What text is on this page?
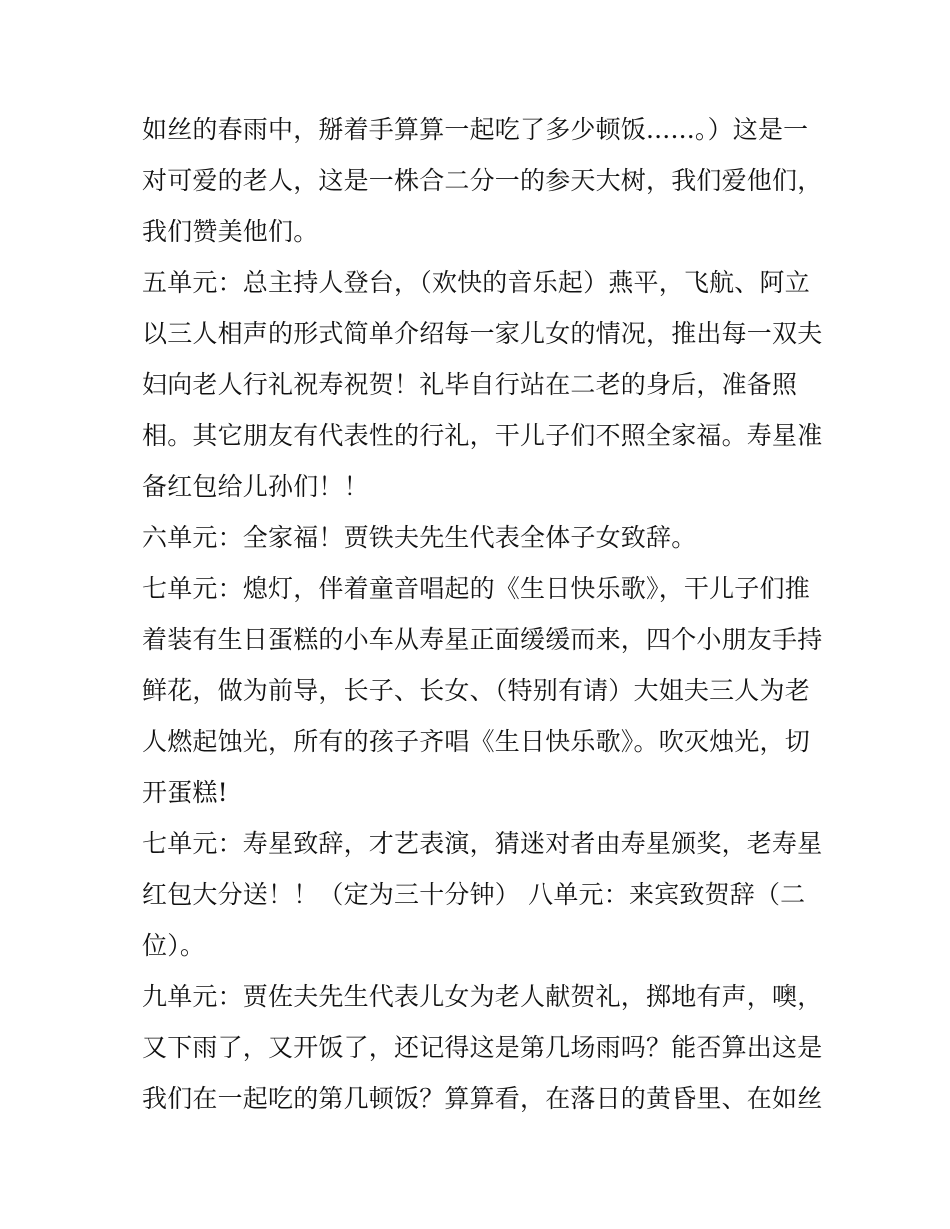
如丝的春雨中，掰着手算算一起吃了多少顿饭......。）这是一
对可爱的老人，这是一株合二分一的参天大树，我们爱他们，
我们赞美他们。
五单元：总主持人登台，（欢快的音乐起）燕平，飞航、阿立
以三人相声的形式简单介绍每一家儿女的情况，推出每一双夫
妇向老人行礼祝寿祝贺！礼毕自行站在二老的身后，准备照
相。其它朋友有代表性的行礼，干儿子们不照全家福。寿星准
备红包给儿孙们！！
六单元：全家福！贾铁夫先生代表全体子女致辞。
七单元：熄灯，伴着童音唱起的《生日快乐歌》，干儿子们推
着装有生日蛋糕的小车从寿星正面缓缓而来，四个小朋友手持
鲜花，做为前导，长子、长女、（特别有请）大姐夫三人为老
人燃起蚀光，所有的孩子齐唱《生日快乐歌》。吹灭烛光，切
开蛋糕!
七单元：寿星致辞，才艺表演，猜迷对者由寿星颁奖，老寿星
红包大分送！！（定为三十分钟） 八单元：来宾致贺辞（二
位）。
九单元：贾佐夫先生代表儿女为老人献贺礼，掷地有声，噢，
又下雨了，又开饭了，还记得这是第几场雨吗？能否算出这是
我们在一起吃的第几顿饭？算算看，在落日的黄昏里、在如丝
